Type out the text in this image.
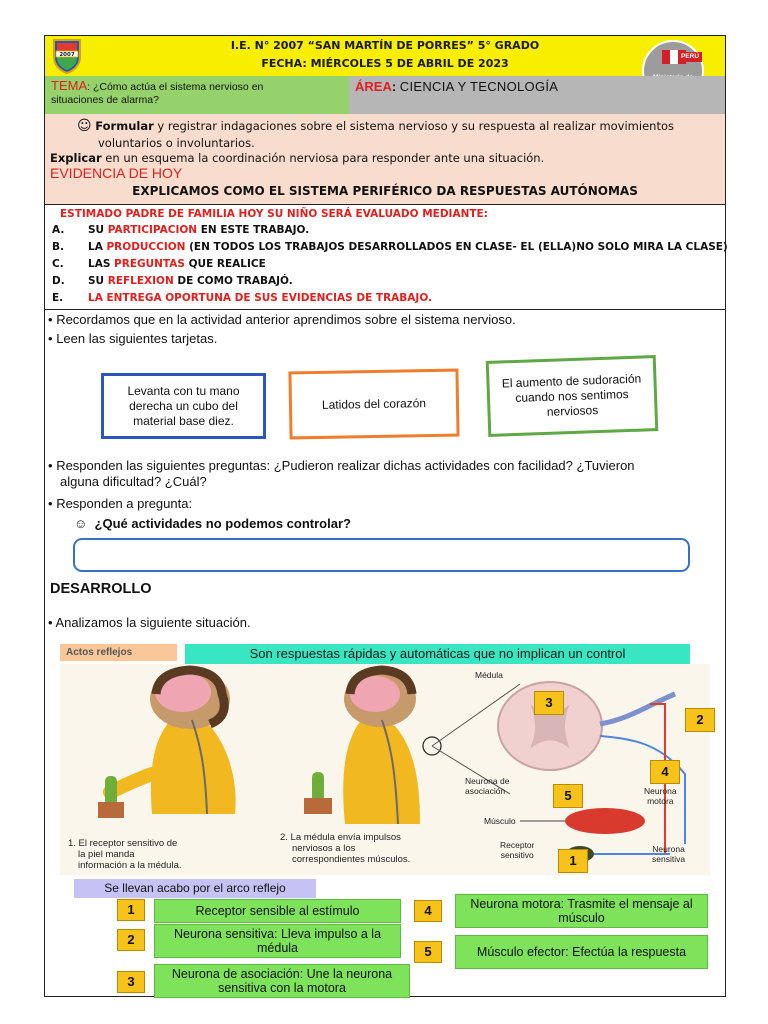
I.E. N° 2007 “SAN MARTÍN DE PORRES” 5° GRADO
FECHA: MIÉRCOLES 5 DE ABRIL DE 2023
2007	PERÚ
TEMA: ¿Cómo actúa el sistema nervioso en
situaciones de alarma?
ÁREA: CIENCIA Y TECNOLOGÍA
☺ Formular y registrar indagaciones sobre el sistema nervioso y su respuesta al realizar movimientos
voluntarios o involuntarios.
Explicar en un esquema la coordinación nerviosa para responder ante una situación.
EVIDENCIA DE HOY
EXPLICAMOS COMO EL SISTEMA PERIFÉRICO DA RESPUESTAS AUTÓNOMAS
ESTIMADO PADRE DE FAMILIA HOY SU NIÑO SERÁ EVALUADO MEDIANTE:
A. SU PARTICIPACION EN ESTE TRABAJO.
B. LA PRODUCCION (EN TODOS LOS TRABAJOS DESARROLLADOS EN CLASE- EL (ELLA)NO SOLO MIRA LA CLASE)
C. LAS PREGUNTAS QUE REALICE
D. SU REFLEXION DE COMO TRABAJÓ.
E. LA ENTREGA OPORTUNA DE SUS EVIDENCIAS DE TRABAJO.
• Recordamos que en la actividad anterior aprendimos sobre el sistema nervioso.
• Leen las siguientes tarjetas.
Levanta con tu mano derecha un cubo del material base diez.
Latidos del corazón
El aumento de sudoración cuando nos sentimos nerviosos
• Responden las siguientes preguntas: ¿Pudieron realizar dichas actividades con facilidad? ¿Tuvieron
alguna dificultad? ¿Cuál?
• Responden a pregunta:
☺ ¿Qué actividades no podemos controlar?
DESARROLLO
• Analizamos la siguiente situación.
Actos reflejos	Son respuestas rápidas y automáticas que no implican un control
1. El receptor sensitivo de
la piel manda
información a la médula.
2. La médula envía impulsos
nerviosos a los
correspondientes músculos.
Médula
Neurona de
asociación	Neurona
motora
Músculo
Receptor
sensitivo
Neurona
sensitiva
3
2
4
5
1
Se llevan acabo por el arco reflejo
1	Receptor sensible al estímulo
2	Neurona sensitiva: Lleva impulso a la médula
3	Neurona de asociación: Une la neurona sensitiva con la motora
4	Neurona motora: Trasmite el mensaje al músculo
5	Músculo efector: Efectúa la respuesta
